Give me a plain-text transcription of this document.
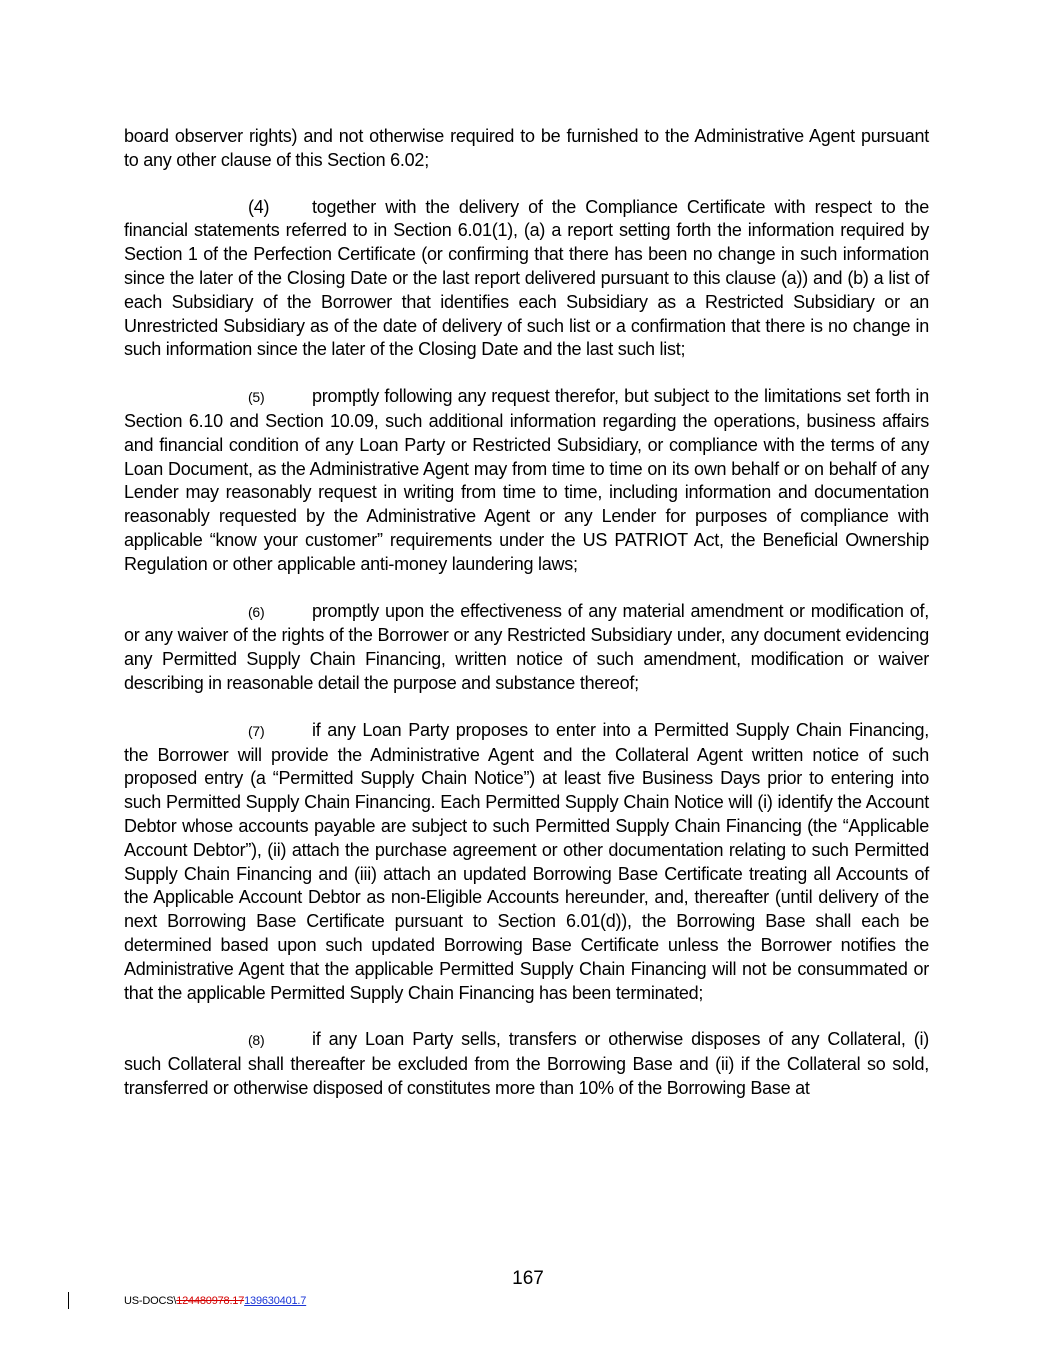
board observer rights) and not otherwise required to be furnished to the Administrative Agent pursuant to any other clause of this Section 6.02;

(4) together with the delivery of the Compliance Certificate with respect to the financial statements referred to in Section 6.01(1), (a) a report setting forth the information required by Section 1 of the Perfection Certificate (or confirming that there has been no change in such information since the later of the Closing Date or the last report delivered pursuant to this clause (a)) and (b) a list of each Subsidiary of the Borrower that identifies each Subsidiary as a Restricted Subsidiary or an Unrestricted Subsidiary as of the date of delivery of such list or a confirmation that there is no change in such information since the later of the Closing Date and the last such list;

(5)	promptly following any request therefor, but subject to the limitations set forth in Section 6.10 and Section 10.09, such additional information regarding the operations, business affairs and financial condition of any Loan Party or Restricted Subsidiary, or compliance with the terms of any Loan Document, as the Administrative Agent may from time to time on its own behalf or on behalf of any Lender may reasonably request in writing from time to time, including information and documentation reasonably requested by the Administrative Agent or any Lender for purposes of compliance with applicable “know your customer” requirements under the US PATRIOT Act, the Beneficial Ownership Regulation or other applicable anti-money laundering laws;

(6)	promptly upon the effectiveness of any material amendment or modification of, or any waiver of the rights of the Borrower or any Restricted Subsidiary under, any document evidencing any Permitted Supply Chain Financing, written notice of such amendment, modification or waiver describing in reasonable detail the purpose and substance thereof;

(7)	if any Loan Party proposes to enter into a Permitted Supply Chain Financing, the Borrower will provide the Administrative Agent and the Collateral Agent written notice of such proposed entry (a “Permitted Supply Chain Notice”) at least five Business Days prior to entering into such Permitted Supply Chain Financing. Each Permitted Supply Chain Notice will (i) identify the Account Debtor whose accounts payable are subject to such Permitted Supply Chain Financing (the “Applicable Account Debtor”), (ii) attach the purchase agreement or other documentation relating to such Permitted Supply Chain Financing and (iii) attach an updated Borrowing Base Certificate treating all Accounts of the Applicable Account Debtor as non-Eligible Accounts hereunder, and, thereafter (until delivery of the next Borrowing Base Certificate pursuant to Section 6.01(d)), the Borrowing Base shall each be determined based upon such updated Borrowing Base Certificate unless the Borrower notifies the Administrative Agent that the applicable Permitted Supply Chain Financing will not be consummated or that the applicable Permitted Supply Chain Financing has been terminated;

(8)	if any Loan Party sells, transfers or otherwise disposes of any Collateral, (i) such Collateral shall thereafter be excluded from the Borrowing Base and (ii) if the Collateral so sold, transferred or otherwise disposed of constitutes more than 10% of the Borrowing Base at

167
US-DOCS\124480978.17139630401.7
